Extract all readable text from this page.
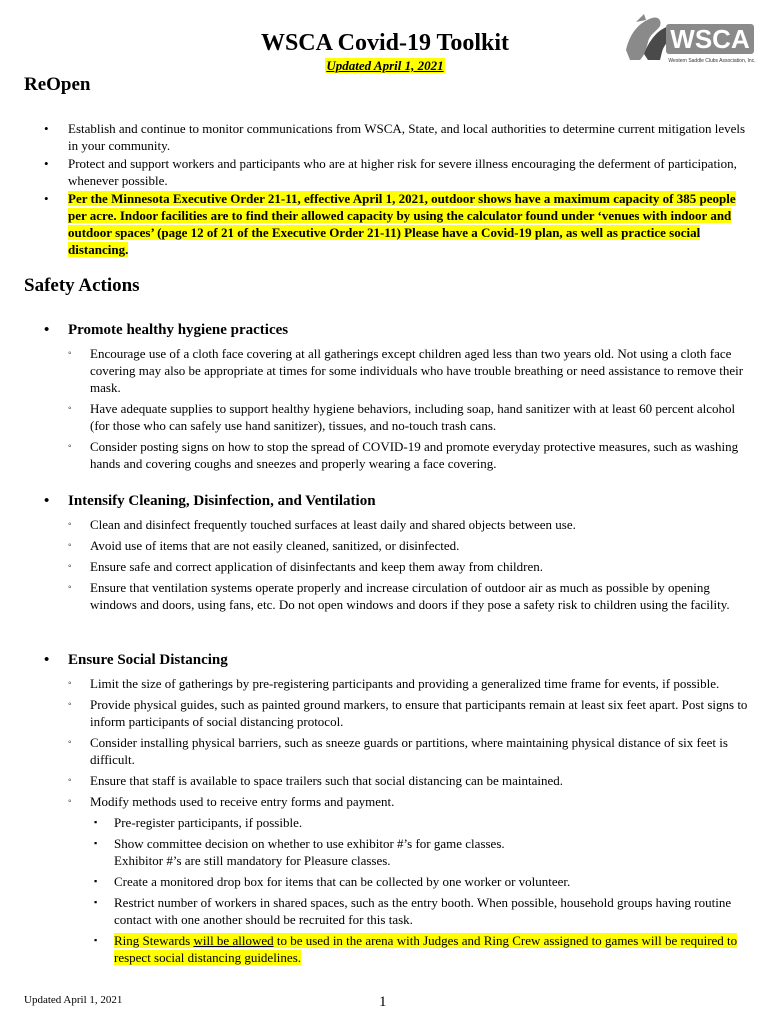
WSCA Covid-19 Toolkit
Updated April 1, 2021
WSCA
Western Saddle Clubs Association, Inc.
ReOpen
• Establish and continue to monitor communications from WSCA, State, and local authorities to determine current mitigation levels in your community.
• Protect and support workers and participants who are at higher risk for severe illness encouraging the deferment of participation, whenever possible.
• Per the Minnesota Executive Order 21-11, effective April 1, 2021, outdoor shows have a maximum capacity of 385 people per acre. Indoor facilities are to find their allowed capacity by using the calculator found under ‘venues with indoor and outdoor spaces’ (page 12 of 21 of the Executive Order 21-11) Please have a Covid-19 plan, as well as practice social distancing.
Safety Actions
• Promote healthy hygiene practices
◦ Encourage use of a cloth face covering at all gatherings except children aged less than two years old. Not using a cloth face covering may also be appropriate at times for some individuals who have trouble breathing or need assistance to remove their mask.
◦ Have adequate supplies to support healthy hygiene behaviors, including soap, hand sanitizer with at least 60 percent alcohol (for those who can safely use hand sanitizer), tissues, and no-touch trash cans.
◦ Consider posting signs on how to stop the spread of COVID-19 and promote everyday protective measures, such as washing hands and covering coughs and sneezes and properly wearing a face covering.
• Intensify Cleaning, Disinfection, and Ventilation
◦ Clean and disinfect frequently touched surfaces at least daily and shared objects between use.
◦ Avoid use of items that are not easily cleaned, sanitized, or disinfected.
◦ Ensure safe and correct application of disinfectants and keep them away from children.
◦ Ensure that ventilation systems operate properly and increase circulation of outdoor air as much as possible by opening windows and doors, using fans, etc. Do not open windows and doors if they pose a safety risk to children using the facility.
• Ensure Social Distancing
◦ Limit the size of gatherings by pre-registering participants and providing a generalized time frame for events, if possible.
◦ Provide physical guides, such as painted ground markers, to ensure that participants remain at least six feet apart. Post signs to inform participants of social distancing protocol.
◦ Consider installing physical barriers, such as sneeze guards or partitions, where maintaining physical distance of six feet is difficult.
◦ Ensure that staff is available to space trailers such that social distancing can be maintained.
◦ Modify methods used to receive entry forms and payment.
▪ Pre-register participants, if possible.
▪ Show committee decision on whether to use exhibitor #’s for game classes.
Exhibitor #’s are still mandatory for Pleasure classes.
▪ Create a monitored drop box for items that can be collected by one worker or volunteer.
▪ Restrict number of workers in shared spaces, such as the entry booth. When possible, household groups having routine contact with one another should be recruited for this task.
▪ Ring Stewards will be allowed to be used in the arena with Judges and Ring Crew assigned to games will be required to respect social distancing guidelines.
Updated April 1, 2021	1
